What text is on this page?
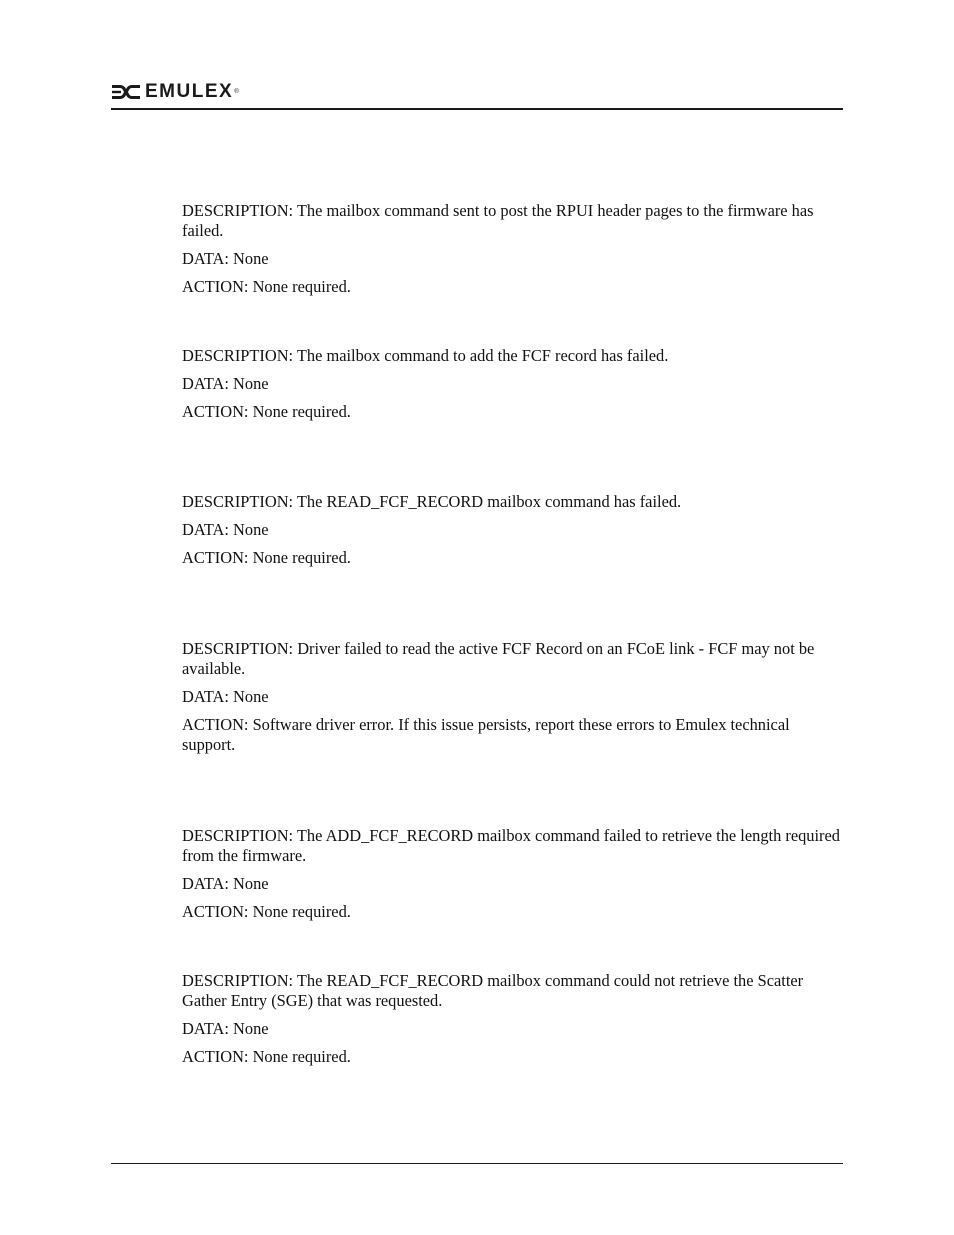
EMULEX ®

DESCRIPTION: The mailbox command sent to post the RPUI header pages to the firmware has failed.

DATA: None

ACTION: None required.

DESCRIPTION: The mailbox command to add the FCF record has failed.

DATA: None

ACTION: None required.

DESCRIPTION: The READ_FCF_RECORD mailbox command has failed.

DATA: None

ACTION: None required.

DESCRIPTION: Driver failed to read the active FCF Record on an FCoE link - FCF may not be available.

DATA: None

ACTION: Software driver error. If this issue persists, report these errors to Emulex technical support.

DESCRIPTION: The ADD_FCF_RECORD mailbox command failed to retrieve the length required from the firmware.

DATA: None

ACTION: None required.

DESCRIPTION: The READ_FCF_RECORD mailbox command could not retrieve the Scatter Gather Entry (SGE) that was requested.

DATA: None

ACTION: None required.
